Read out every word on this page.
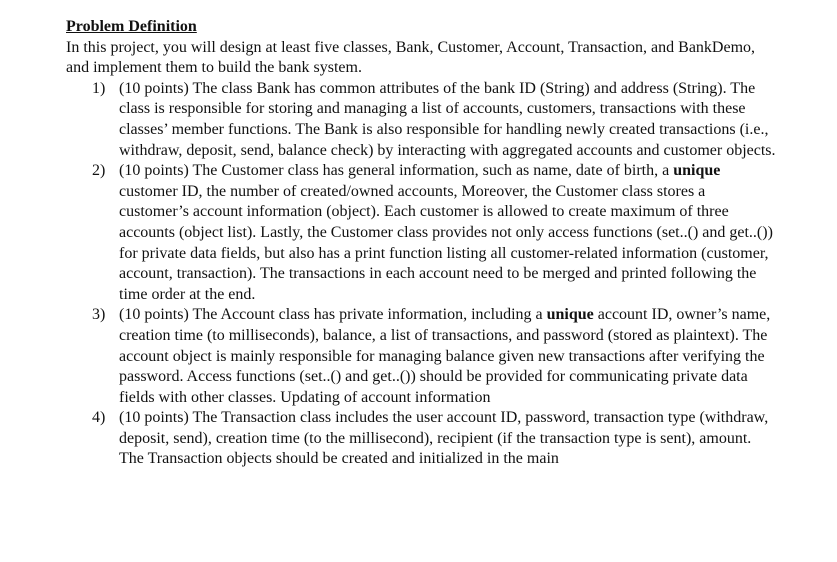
Problem Definition
In this project, you will design at least five classes, Bank, Customer, Account, Transaction, and BankDemo, and implement them to build the bank system.
1) (10 points) The class Bank has common attributes of the bank ID (String) and address (String). The class is responsible for storing and managing a list of accounts, customers, transactions with these classes’ member functions. The Bank is also responsible for handling newly created transactions (i.e., withdraw, deposit, send, balance check) by interacting with aggregated accounts and customer objects.
2) (10 points) The Customer class has general information, such as name, date of birth, a unique customer ID, the number of created/owned accounts, Moreover, the Customer class stores a customer’s account information (object). Each customer is allowed to create maximum of three accounts (object list). Lastly, the Customer class provides not only access functions (set..() and get..()) for private data fields, but also has a print function listing all customer-related information (customer, account, transaction). The transactions in each account need to be merged and printed following the time order at the end.
3) (10 points) The Account class has private information, including a unique account ID, owner’s name, creation time (to milliseconds), balance, a list of transactions, and password (stored as plaintext). The account object is mainly responsible for managing balance given new transactions after verifying the password. Access functions (set..() and get..()) should be provided for communicating private data fields with other classes. Updating of account information
4) (10 points) The Transaction class includes the user account ID, password, transaction type (withdraw, deposit, send), creation time (to the millisecond), recipient (if the transaction type is sent), amount. The Transaction objects should be created and initialized in the main
